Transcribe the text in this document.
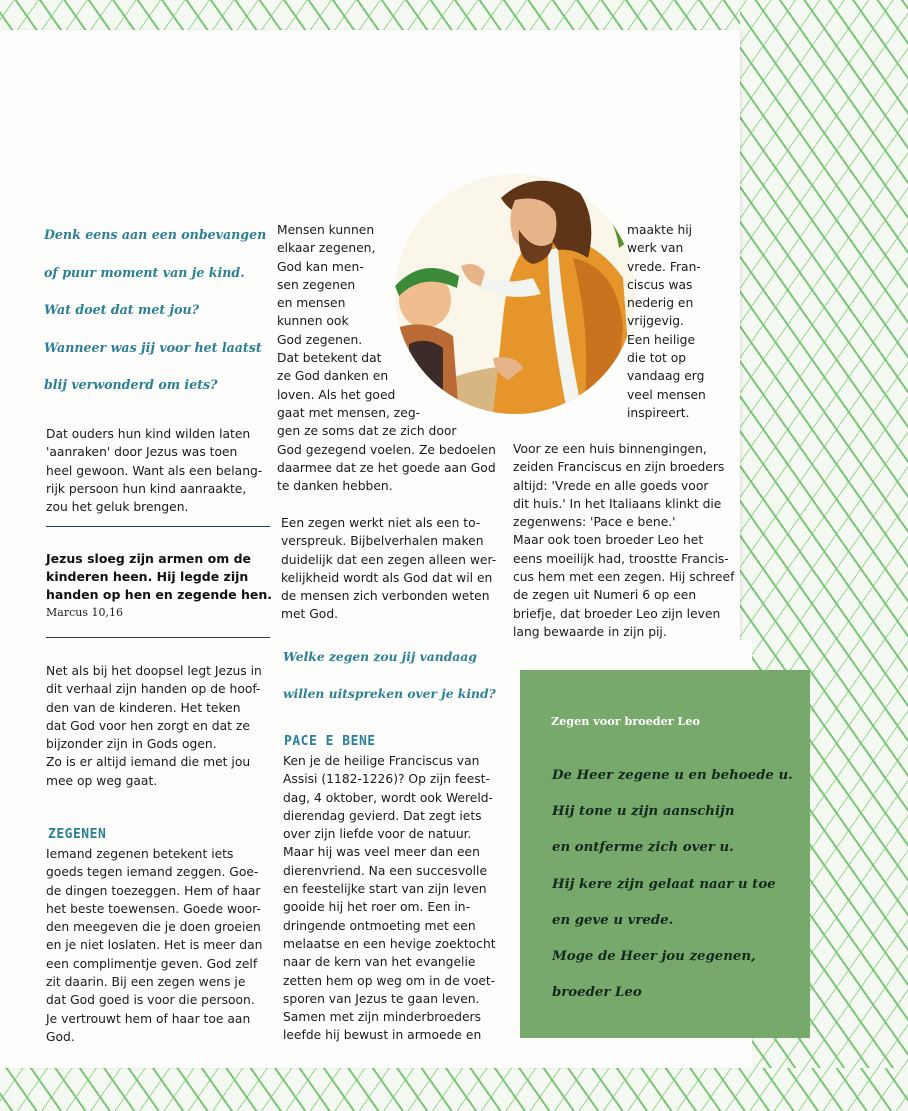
Denk eens aan een onbevangen
of puur moment van je kind.
Wat doet dat met jou?
Wanneer was jij voor het laatst
blij verwonderd om iets?
Dat ouders hun kind wilden laten
'aanraken' door Jezus was toen
heel gewoon. Want als een belang-
rijk persoon hun kind aanraakte,
zou het geluk brengen.
Jezus sloeg zijn armen om de
kinderen heen. Hij legde zijn
handen op hen en zegende hen.
Marcus 10,16
Net als bij het doopsel legt Jezus in
dit verhaal zijn handen op de hoof-
den van de kinderen. Het teken
dat God voor hen zorgt en dat ze
bijzonder zijn in Gods ogen.
Zo is er altijd iemand die met jou
mee op weg gaat.
ZEGENEN
Iemand zegenen betekent iets
goeds tegen iemand zeggen. Goe-
de dingen toezeggen. Hem of haar
het beste toewensen. Goede woor-
den meegeven die je doen groeien
en je niet loslaten. Het is meer dan
een complimentje geven. God zelf
zit daarin. Bij een zegen wens je
dat God goed is voor die persoon.
Je vertrouwt hem of haar toe aan
God.
Mensen kunnen
elkaar zegenen,
God kan men-
sen zegenen
en mensen
kunnen ook
God zegenen.
Dat betekent dat
ze God danken en
loven. Als het goed
gaat met mensen, zeg-
gen ze soms dat ze zich door
God gezegend voelen. Ze bedoelen
daarmee dat ze het goede aan God
te danken hebben.
Een zegen werkt niet als een to-
verspreuk. Bijbelverhalen maken
duidelijk dat een zegen alleen wer-
kelijkheid wordt als God dat wil en
de mensen zich verbonden weten
met God.
Welke zegen zou jij vandaag
willen uitspreken over je kind?
PACE E BENE
Ken je de heilige Franciscus van
Assisi (1182-1226)? Op zijn feest-
dag, 4 oktober, wordt ook Wereld-
dierendag gevierd. Dat zegt iets
over zijn liefde voor de natuur.
Maar hij was veel meer dan een
dierenvriend. Na een succesvolle
en feestelijke start van zijn leven
gooide hij het roer om. Een in-
dringende ontmoeting met een
melaatse en een hevige zoektocht
naar de kern van het evangelie
zetten hem op weg om in de voet-
sporen van Jezus te gaan leven.
Samen met zijn minderbroeders
leefde hij bewust in armoede en
maakte hij
werk van
vrede. Fran-
ciscus was
nederig en
vrijgevig.
Een heilige
die tot op
vandaag erg
veel mensen
inspireert.
Voor ze een huis binnengingen,
zeiden Franciscus en zijn broeders
altijd: 'Vrede en alle goeds voor
dit huis.' In het Italiaans klinkt die
zegenwens: 'Pace e bene.'
Maar ook toen broeder Leo het
eens moeilijk had, troostte Francis-
cus hem met een zegen. Hij schreef
de zegen uit Numeri 6 op een
briefje, dat broeder Leo zijn leven
lang bewaarde in zijn pij.
Zegen voor broeder Leo
De Heer zegene u en behoede u.
Hij tone u zijn aanschijn
en ontferme zich over u.
Hij kere zijn gelaat naar u toe
en geve u vrede.
Moge de Heer jou zegenen,
broeder Leo
